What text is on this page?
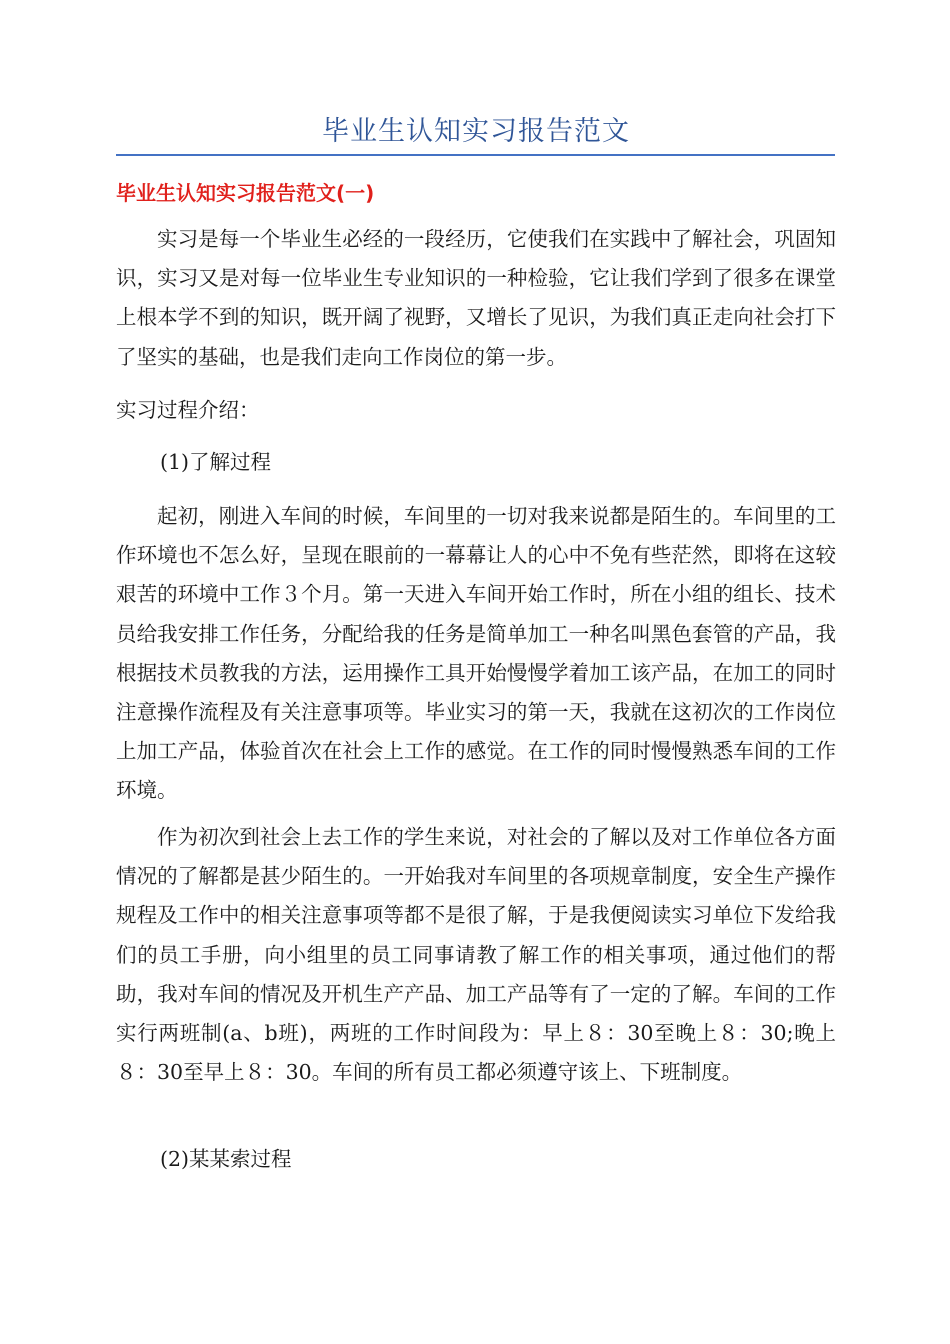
毕业生认知实习报告范文
毕业生认知实习报告范文(一)

实习是每一个毕业生必经的一段经历，它使我们在实践中了解社会，巩固知识，实习又是对每一位毕业生专业知识的一种检验，它让我们学到了很多在课堂上根本学不到的知识，既开阔了视野，又增长了见识，为我们真正走向社会打下了坚实的基础，也是我们走向工作岗位的第一步。

实习过程介绍：

(1)了解过程

起初，刚进入车间的时候，车间里的一切对我来说都是陌生的。车间里的工作环境也不怎么好，呈现在眼前的一幕幕让人的心中不免有些茫然，即将在这较艰苦的环境中工作３个月。第一天进入车间开始工作时，所在小组的组长、技术员给我安排工作任务，分配给我的任务是简单加工一种名叫黑色套管的产品，我根据技术员教我的方法，运用操作工具开始慢慢学着加工该产品，在加工的同时注意操作流程及有关注意事项等。毕业实习的第一天，我就在这初次的工作岗位上加工产品，体验首次在社会上工作的感觉。在工作的同时慢慢熟悉车间的工作环境。

作为初次到社会上去工作的学生来说，对社会的了解以及对工作单位各方面情况的了解都是甚少陌生的。一开始我对车间里的各项规章制度，安全生产操作规程及工作中的相关注意事项等都不是很了解，于是我便阅读实习单位下发给我们的员工手册，向小组里的员工同事请教了解工作的相关事项，通过他们的帮助，我对车间的情况及开机生产产品、加工产品等有了一定的了解。车间的工作实行两班制(a、b班)，两班的工作时间段为：早上８：30至晚上８：30;晚上８：30至早上８：30。车间的所有员工都必须遵守该上、下班制度。

(2)某某索过程
